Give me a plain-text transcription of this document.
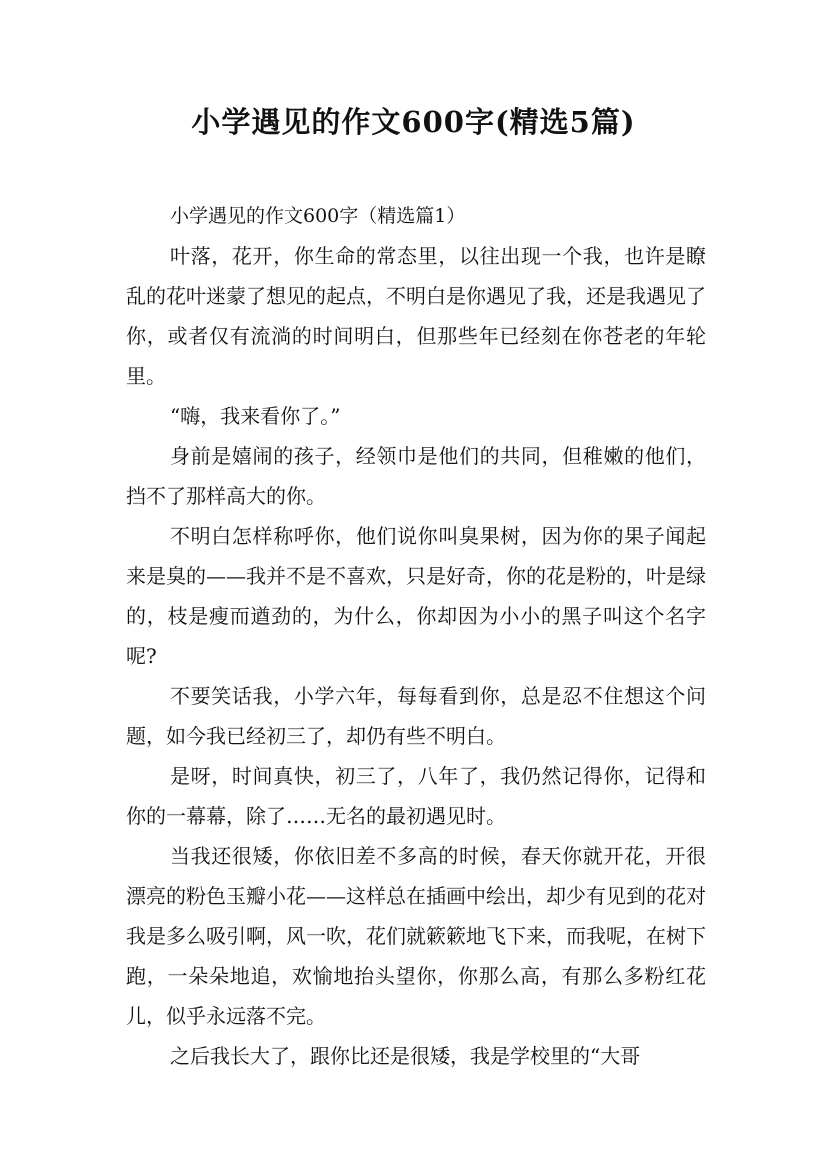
小学遇见的作文600字(精选5篇)

小学遇见的作文600字（精选篇1）

叶落，花开，你生命的常态里，以往出现一个我，也许是瞭乱的花叶迷蒙了想见的起点，不明白是你遇见了我，还是我遇见了你，或者仅有流淌的时间明白，但那些年已经刻在你苍老的年轮里。

“嗨，我来看你了。”

身前是嬉闹的孩子，经领巾是他们的共同，但稚嫩的他们，挡不了那样高大的你。

不明白怎样称呼你，他们说你叫臭果树，因为你的果子闻起来是臭的——我并不是不喜欢，只是好奇，你的花是粉的，叶是绿的，枝是瘦而遒劲的，为什么，你却因为小小的黑子叫这个名字呢?

不要笑话我，小学六年，每每看到你，总是忍不住想这个问题，如今我已经初三了，却仍有些不明白。

是呀，时间真快，初三了，八年了，我仍然记得你，记得和你的一幕幕，除了……无名的最初遇见时。

当我还很矮，你依旧差不多高的时候，春天你就开花，开很漂亮的粉色玉瓣小花——这样总在插画中绘出，却少有见到的花对我是多么吸引啊，风一吹，花们就簌簌地飞下来，而我呢，在树下跑，一朵朵地追，欢愉地抬头望你，你那么高，有那么多粉红花儿，似乎永远落不完。

之后我长大了，跟你比还是很矮，我是学校里的“大哥
